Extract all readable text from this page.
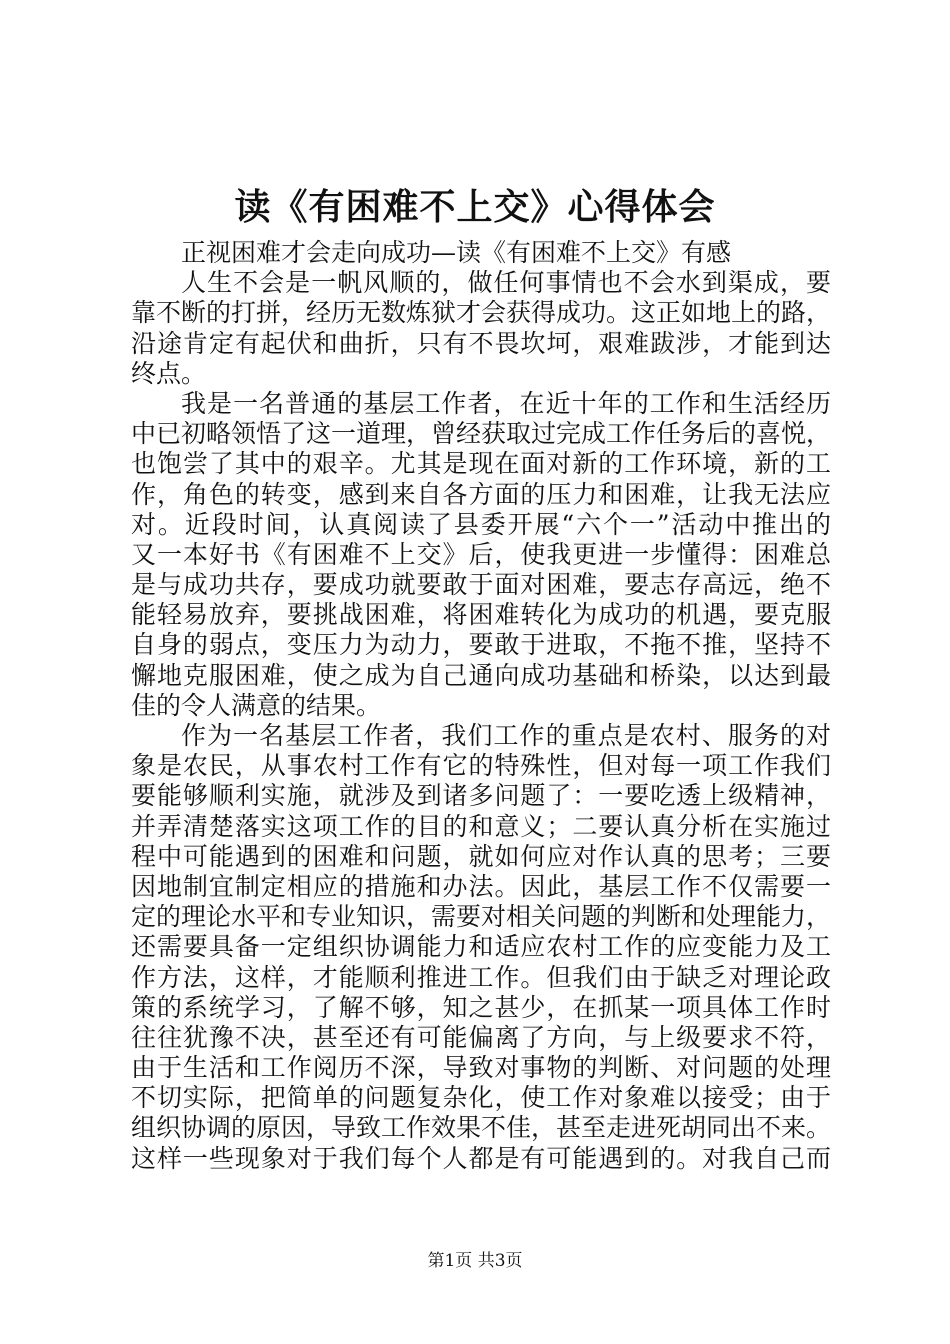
读《有困难不上交》心得体会
正视困难才会走向成功—读《有困难不上交》有感
人生不会是一帆风顺的，做任何事情也不会水到渠成，要
靠不断的打拼，经历无数炼狱才会获得成功。这正如地上的路，
沿途肯定有起伏和曲折，只有不畏坎坷，艰难跋涉，才能到达
终点。
我是一名普通的基层工作者，在近十年的工作和生活经历
中已初略领悟了这一道理，曾经获取过完成工作任务后的喜悦，
也饱尝了其中的艰辛。尤其是现在面对新的工作环境，新的工
作，角色的转变，感到来自各方面的压力和困难，让我无法应
对。近段时间，认真阅读了县委开展“六个一”活动中推出的
又一本好书《有困难不上交》后，使我更进一步懂得：困难总
是与成功共存，要成功就要敢于面对困难，要志存高远，绝不
能轻易放弃，要挑战困难，将困难转化为成功的机遇，要克服
自身的弱点，变压力为动力，要敢于进取，不拖不推，坚持不
懈地克服困难，使之成为自己通向成功基础和桥染，以达到最
佳的令人满意的结果。
作为一名基层工作者，我们工作的重点是农村、服务的对
象是农民，从事农村工作有它的特殊性，但对每一项工作我们
要能够顺利实施，就涉及到诸多问题了：一要吃透上级精神，
并弄清楚落实这项工作的目的和意义；二要认真分析在实施过
程中可能遇到的困难和问题，就如何应对作认真的思考；三要
因地制宜制定相应的措施和办法。因此，基层工作不仅需要一
定的理论水平和专业知识，需要对相关问题的判断和处理能力，
还需要具备一定组织协调能力和适应农村工作的应变能力及工
作方法，这样，才能顺利推进工作。但我们由于缺乏对理论政
策的系统学习，了解不够，知之甚少，在抓某一项具体工作时
往往犹豫不决，甚至还有可能偏离了方向，与上级要求不符，
由于生活和工作阅历不深，导致对事物的判断、对问题的处理
不切实际，把简单的问题复杂化，使工作对象难以接受；由于
组织协调的原因，导致工作效果不佳，甚至走进死胡同出不来。
这样一些现象对于我们每个人都是有可能遇到的。对我自己而
第1页 共3页
